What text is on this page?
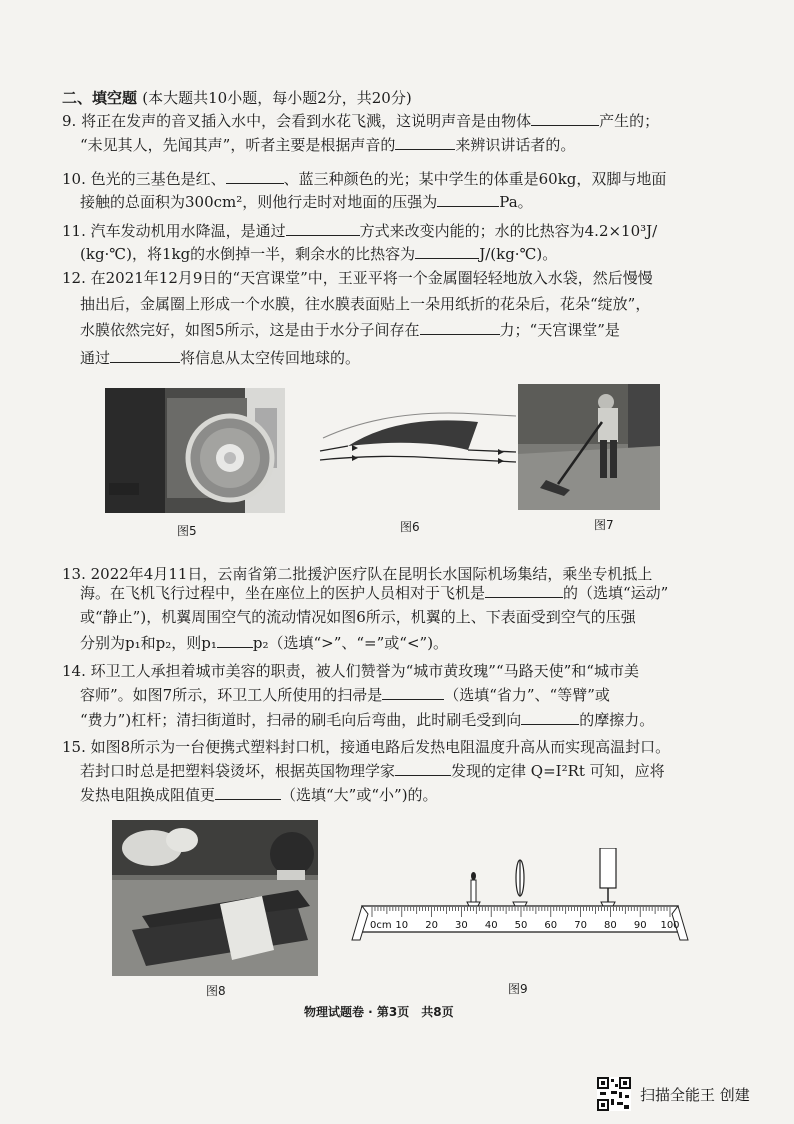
二、填空题 (本大题共10小题，每小题2分，共20分)
9. 将正在发声的音叉插入水中，会看到水花飞溅，这说明声音是由物体	产生的；
“未见其人，先闻其声”，听者主要是根据声音的	来辨识讲话者的。
10. 色光的三基色是红、	、蓝三种颜色的光；某中学生的体重是60kg，双脚与地面
接触的总面积为300cm²，则他行走时对地面的压强为	Pa。
11. 汽车发动机用水降温，是通过	方式来改变内能的；水的比热容为4.2×10³J/
(kg·℃)，将1kg的水倒掉一半，剩余水的比热容为	J/(kg·℃)。
12. 在2021年12月9日的“天宫课堂”中，王亚平将一个金属圈轻轻地放入水袋，然后慢慢
抽出后，金属圈上形成一个水膜，往水膜表面贴上一朵用纸折的花朵后，花朵“绽放”，
水膜依然完好，如图5所示，这是由于水分子间存在	力；“天宫课堂”是
通过	将信息从太空传回地球的。
图5	图6	图7
13. 2022年4月11日，云南省第二批援沪医疗队在昆明长水国际机场集结，乘坐专机抵上
海。在飞机飞行过程中，坐在座位上的医护人员相对于飞机是	的（选填“运动”
或“静止”)，机翼周围空气的流动情况如图6所示，机翼的上、下表面受到空气的压强
分别为p₁和p₂，则p₁ p₂（选填“>”、“=”或“<”)。
14. 环卫工人承担着城市美容的职责，被人们赞誉为“城市黄玫瑰”“马路天使”和“城市美
容师”。如图7所示，环卫工人所使用的扫帚是	（选填“省力”、“等臂”或
“费力”)杠杆；清扫街道时，扫帚的刷毛向后弯曲，此时刷毛受到向	的摩擦力。
15. 如图8所示为一台便携式塑料封口机，接通电路后发热电阻温度升高从而实现高温封口。
若封口时总是把塑料袋烫坏，根据英国物理学家	发现的定律 Q=I²Rt 可知，应将
发热电阻换成阻值更	（选填“大”或“小”)的。
图8
0cm 10 20 30 40 50 60 70 80 90 100
图9
物理试题卷 · 第3页　共8页
扫描全能王 创建
